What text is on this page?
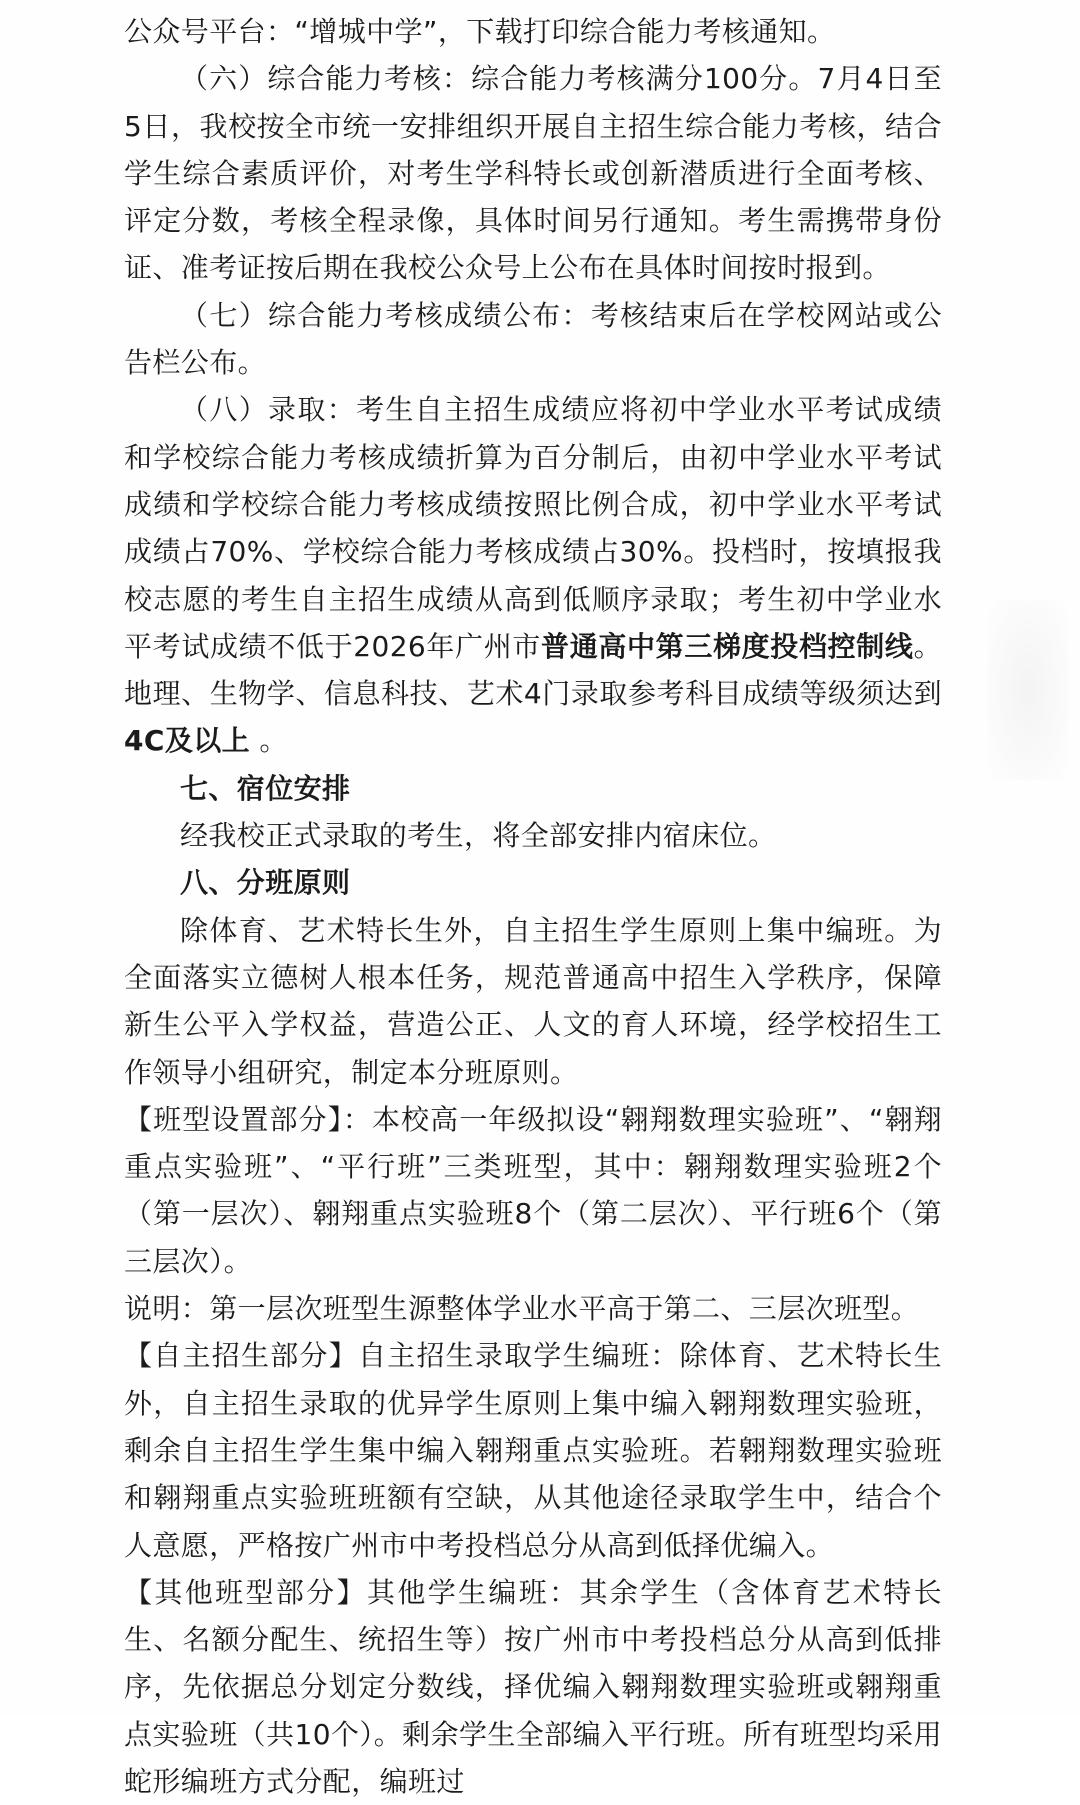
公众号平台：“增城中学”，下载打印综合能力考核通知。

（六）综合能力考核：综合能力考核满分100分。7月4日至5日，我校按全市统一安排组织开展自主招生综合能力考核，结合学生综合素质评价，对考生学科特长或创新潜质进行全面考核、评定分数，考核全程录像，具体时间另行通知。考生需携带身份证、准考证按后期在我校公众号上公布在具体时间按时报到。

（七）综合能力考核成绩公布：考核结束后在学校网站或公告栏公布。

（八）录取：考生自主招生成绩应将初中学业水平考试成绩和学校综合能力考核成绩折算为百分制后，由初中学业水平考试成绩和学校综合能力考核成绩按照比例合成，初中学业水平考试成绩占70%、学校综合能力考核成绩占30%。投档时，按填报我校志愿的考生自主招生成绩从高到低顺序录取；考生初中学业水平考试成绩不低于2026年广州市普通高中第三梯度投档控制线。地理、生物学、信息科技、艺术4门录取参考科目成绩等级须达到 4C及以上 。

七、宿位安排

经我校正式录取的考生，将全部安排内宿床位。

八、分班原则

除体育、艺术特长生外，自主招生学生原则上集中编班。为全面落实立德树人根本任务，规范普通高中招生入学秩序，保障新生公平入学权益，营造公正、人文的育人环境，经学校招生工作领导小组研究，制定本分班原则。

【班型设置部分】：本校高一年级拟设“翱翔数理实验班”、“翱翔重点实验班”、“平行班”三类班型，其中：翱翔数理实验班2个（第一层次）、翱翔重点实验班8个（第二层次）、平行班6个（第三层次）。

说明：第一层次班型生源整体学业水平高于第二、三层次班型。

【自主招生部分】自主招生录取学生编班：除体育、艺术特长生外，自主招生录取的优异学生原则上集中编入翱翔数理实验班，剩余自主招生学生集中编入翱翔重点实验班。若翱翔数理实验班和翱翔重点实验班班额有空缺，从其他途径录取学生中，结合个人意愿，严格按广州市中考投档总分从高到低择优编入。

【其他班型部分】其他学生编班：其余学生（含体育艺术特长生、名额分配生、统招生等）按广州市中考投档总分从高到低排序，先依据总分划定分数线，择优编入翱翔数理实验班或翱翔重点实验班（共10个）。剩余学生全部编入平行班。所有班型均采用蛇形编班方式分配，编班过
